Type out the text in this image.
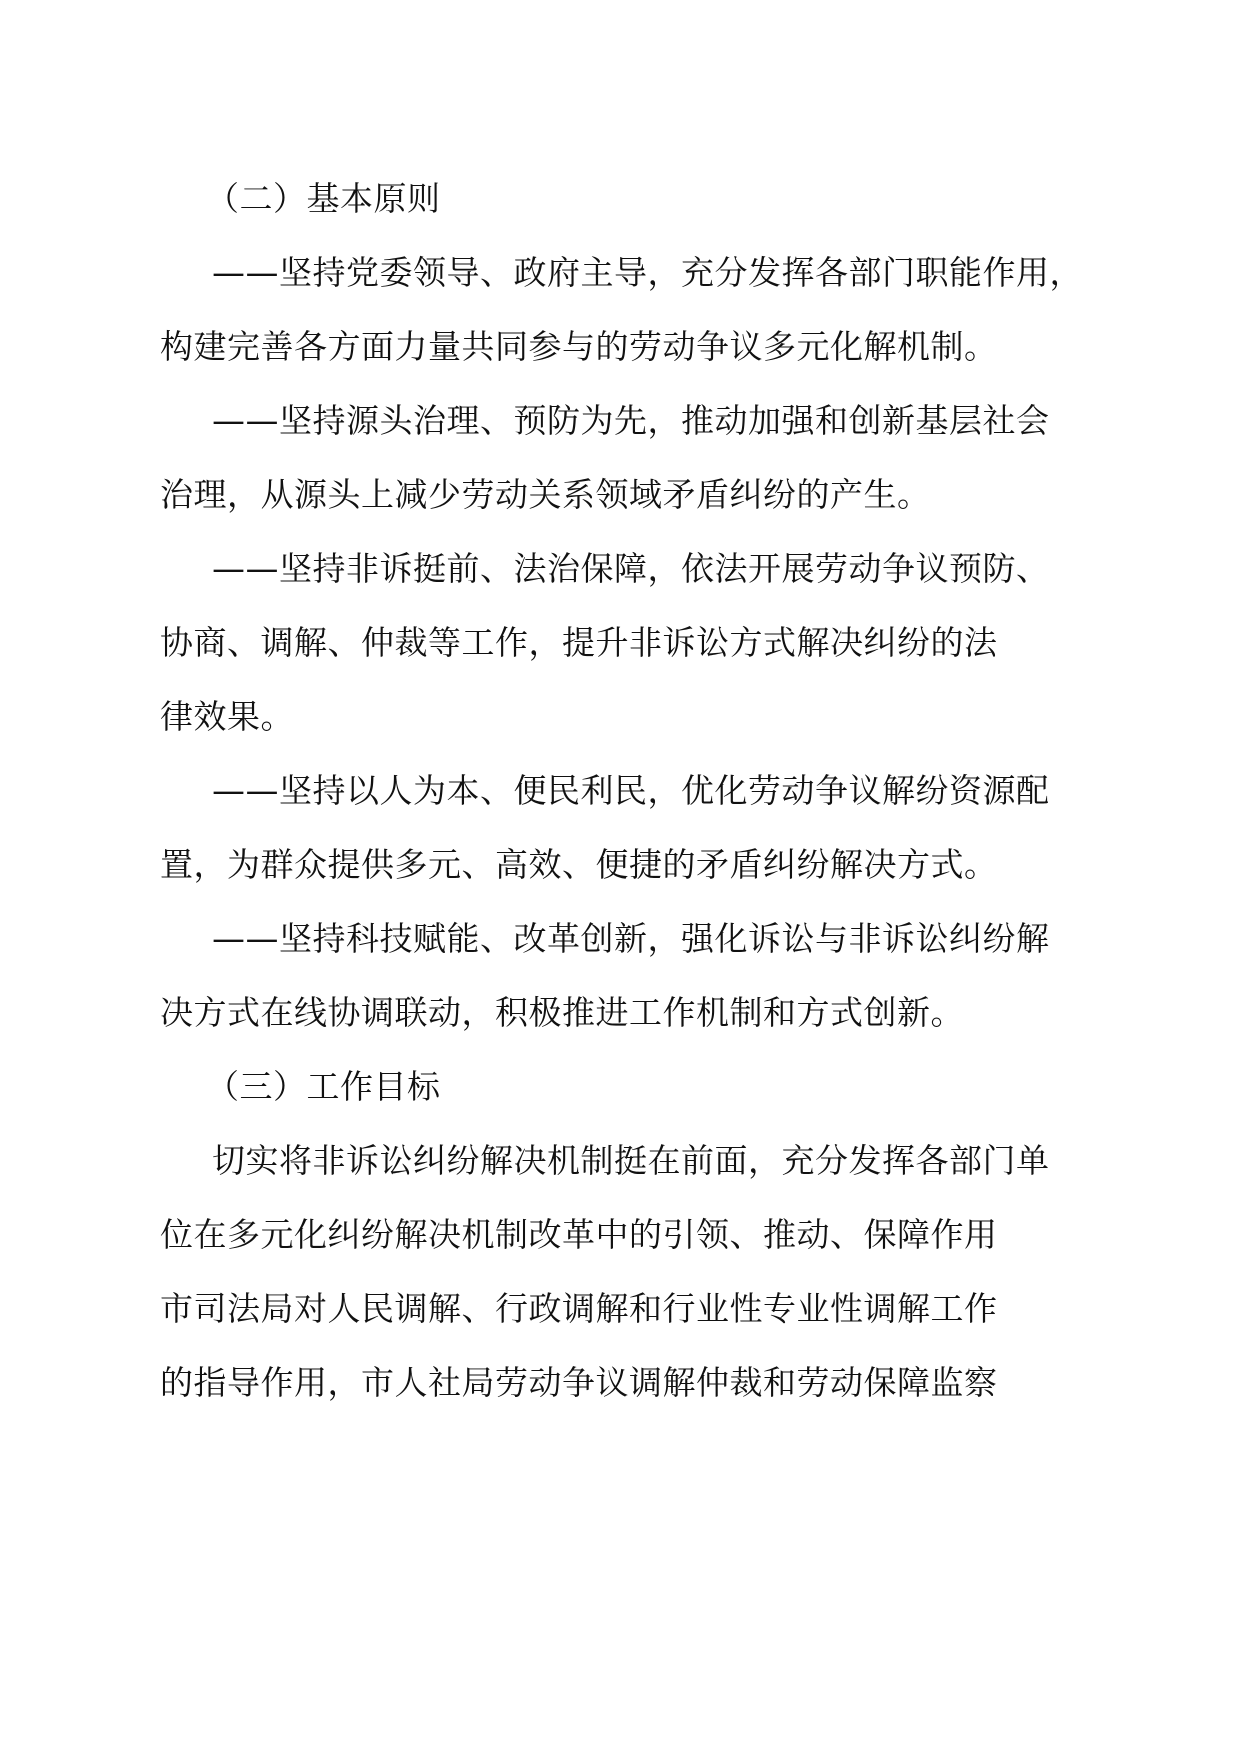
（二）基本原则

——坚持党委领导、政府主导，充分发挥各部门职能作用，
构建完善各方面力量共同参与的劳动争议多元化解机制。

——坚持源头治理、预防为先，推动加强和创新基层社会
治理，从源头上减少劳动关系领域矛盾纠纷的产生。

——坚持非诉挺前、法治保障，依法开展劳动争议预防、
协商、调解、仲裁等工作，提升非诉讼方式解决纠纷的法
律效果。

——坚持以人为本、便民利民，优化劳动争议解纷资源配
置，为群众提供多元、高效、便捷的矛盾纠纷解决方式。

——坚持科技赋能、改革创新，强化诉讼与非诉讼纠纷解
决方式在线协调联动，积极推进工作机制和方式创新。

（三）工作目标

切实将非诉讼纠纷解决机制挺在前面，充分发挥各部门单
位在多元化纠纷解决机制改革中的引领、推动、保障作用
市司法局对人民调解、行政调解和行业性专业性调解工作
的指导作用，市人社局劳动争议调解仲裁和劳动保障监察
